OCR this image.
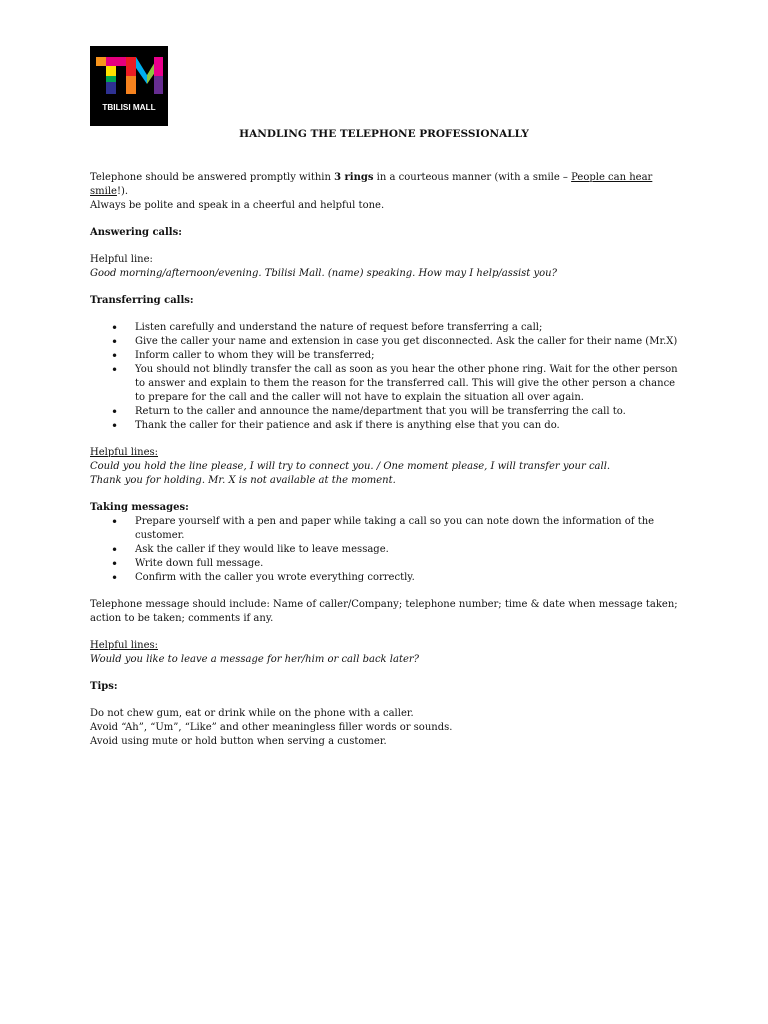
TBILISI MALL
HANDLING THE TELEPHONE PROFESSIONALLY

Telephone should be answered promptly within 3 rings in a courteous manner (with a smile – People can hear smile!).
Always be polite and speak in a cheerful and helpful tone.

Answering calls:

Helpful line:

Good morning/afternoon/evening. Tbilisi Mall. (name) speaking. How may I help/assist you?

Transferring calls:

• Listen carefully and understand the nature of request before transferring a call;
• Give the caller your name and extension in case you get disconnected. Ask the caller for their name (Mr.X)
• Inform caller to whom they will be transferred;
• You should not blindly transfer the call as soon as you hear the other phone ring. Wait for the other person to answer and explain to them the reason for the transferred call. This will give the other person a chance to prepare for the call and the caller will not have to explain the situation all over again.
• Return to the caller and announce the name/department that you will be transferring the call to.
• Thank the caller for their patience and ask if there is anything else that you can do.

Helpful lines:

Could you hold the line please, I will try to connect you. / One moment please, I will transfer your call.

Thank you for holding. Mr. X is not available at the moment.

Taking messages:

• Prepare yourself with a pen and paper while taking a call so you can note down the information of the customer.
• Ask the caller if they would like to leave message.
• Write down full message.
• Confirm with the caller you wrote everything correctly.

Telephone message should include: Name of caller/Company; telephone number; time & date when message taken; action to be taken; comments if any.

Helpful lines:

Would you like to leave a message for her/him or call back later?

Tips:

Do not chew gum, eat or drink while on the phone with a caller.

Avoid “Ah”, “Um”, “Like” and other meaningless filler words or sounds.

Avoid using mute or hold button when serving a customer.
